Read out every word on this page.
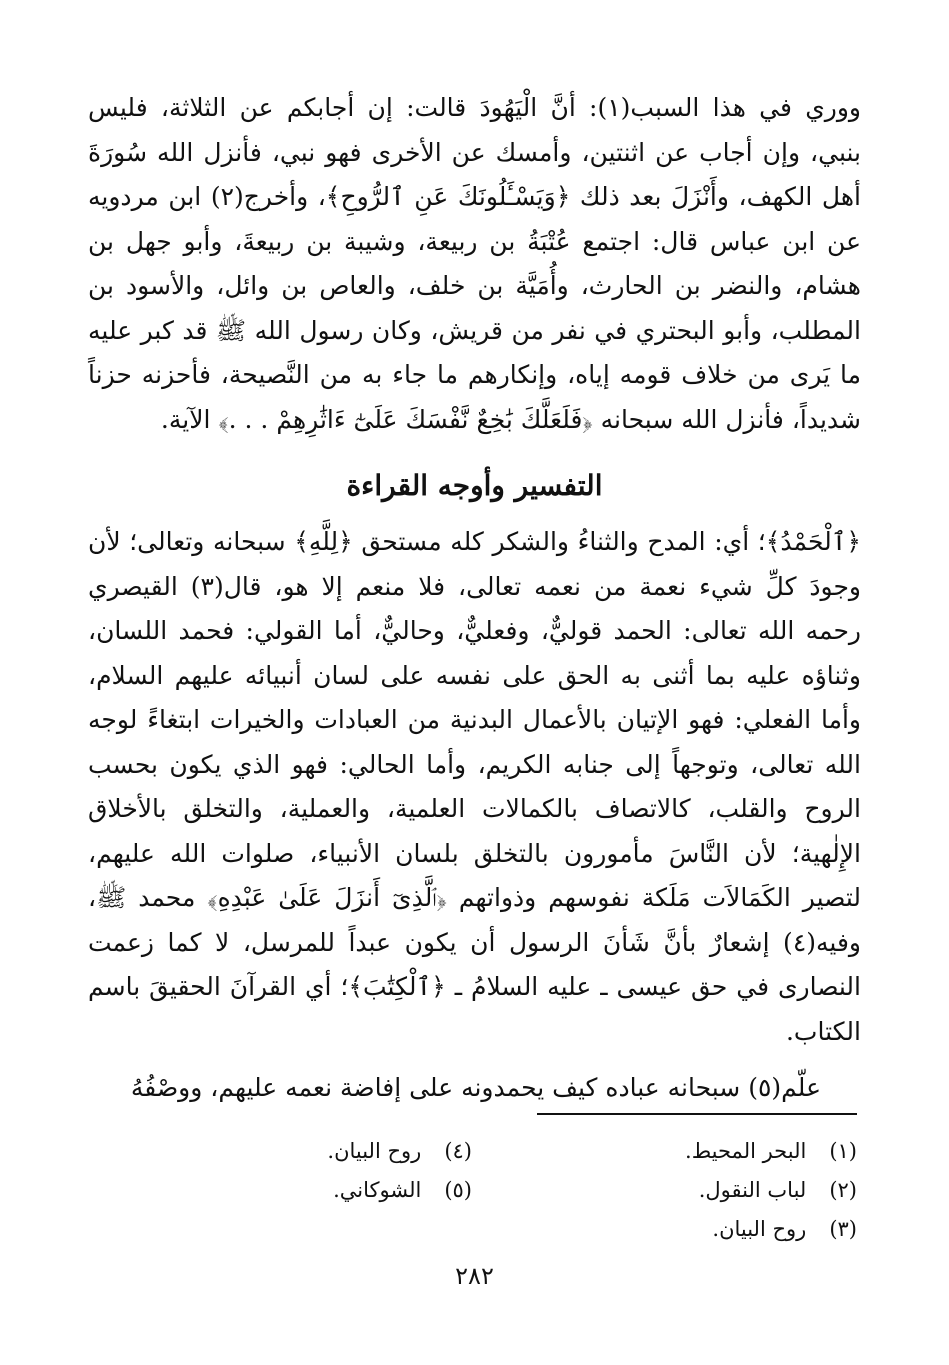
ووري في هذا السبب(١): أنَّ الْيَهُودَ قالت: إن أجابكم عن الثلاثة، فليس بنبي، وإن أجاب عن اثنتين، وأمسك عن الأخرى فهو نبي، فأنزل الله سُورَةَ أهل الكهف، وأَنْزَلَ بعد ذلك ﴿وَيَسْـَٔلُونَكَ عَنِ ٱلرُّوحِ﴾، وأخرج(٢) ابن مردويه عن ابن عباس قال: اجتمع عُتْبَةُ بن ربيعة، وشيبة بن ربيعةَ، وأبو جهل بن هشام، والنضر بن الحارث، وأُمَيَّة بن خلف، والعاص بن وائل، والأسود بن المطلب، وأبو البحتري في نفر من قريش، وكان رسول الله ﷺ قد كبر عليه ما يَرى من خلاف قومه إياه، وإنكارهم ما جاء به من النَّصيحة، فأحزنه حزناً شديداً، فأنزل الله سبحانه ﴿فَلَعَلَّكَ بَٰخِعٌ نَّفْسَكَ عَلَىٰٓ ءَاثَٰرِهِمْ . . .﴾ الآية.

التفسير وأوجه القراءة

﴿ٱلْحَمْدُ﴾؛ أي: المدح والثناءُ والشكر كله مستحق ﴿لِلَّهِ﴾ سبحانه وتعالى؛ لأن وجودَ كلِّ شيء نعمة من نعمه تعالى، فلا منعم إلا هو، قال(٣) القيصري رحمه الله تعالى: الحمد قوليٌّ، وفعليٌّ، وحاليٌّ، أما القولي: فحمد اللسان، وثناؤه عليه بما أثنى به الحق على نفسه على لسان أنبيائه عليهم السلام، وأما الفعلي: فهو الإتيان بالأعمال البدنية من العبادات والخيرات ابتغاءً لوجه الله تعالى، وتوجهاً إلى جنابه الكريم، وأما الحالي: فهو الذي يكون بحسب الروح والقلب، كالاتصاف بالكمالات العلمية، والعملية، والتخلق بالأخلاق الإِلٰهية؛ لأن النَّاسَ مأمورون بالتخلق بلسان الأنبياء، صلوات الله عليهم، لتصير الكَمَالاَت مَلَكة نفوسهم وذواتهم ﴿ٱلَّذِىٓ أَنزَلَ عَلَىٰ عَبْدِهِ﴾ محمد ﷺ، وفيه(٤) إشعارٌ بأنَّ شَأنَ الرسول أن يكون عبداً للمرسل، لا كما زعمت النصارى في حق عيسى ـ عليه السلامُ ـ ﴿ٱلْكِتَٰبَ﴾؛ أي القرآنَ الحقيقَ باسم الكتاب.

علّم(٥) سبحانه عباده كيف يحمدونه على إفاضة نعمه عليهم، ووصْفُهُ

(١) البحر المحيط.
(٢) لباب النقول.
(٣) روح البيان.
(٤) روح البيان.
(٥) الشوكاني.
٢٨٢
